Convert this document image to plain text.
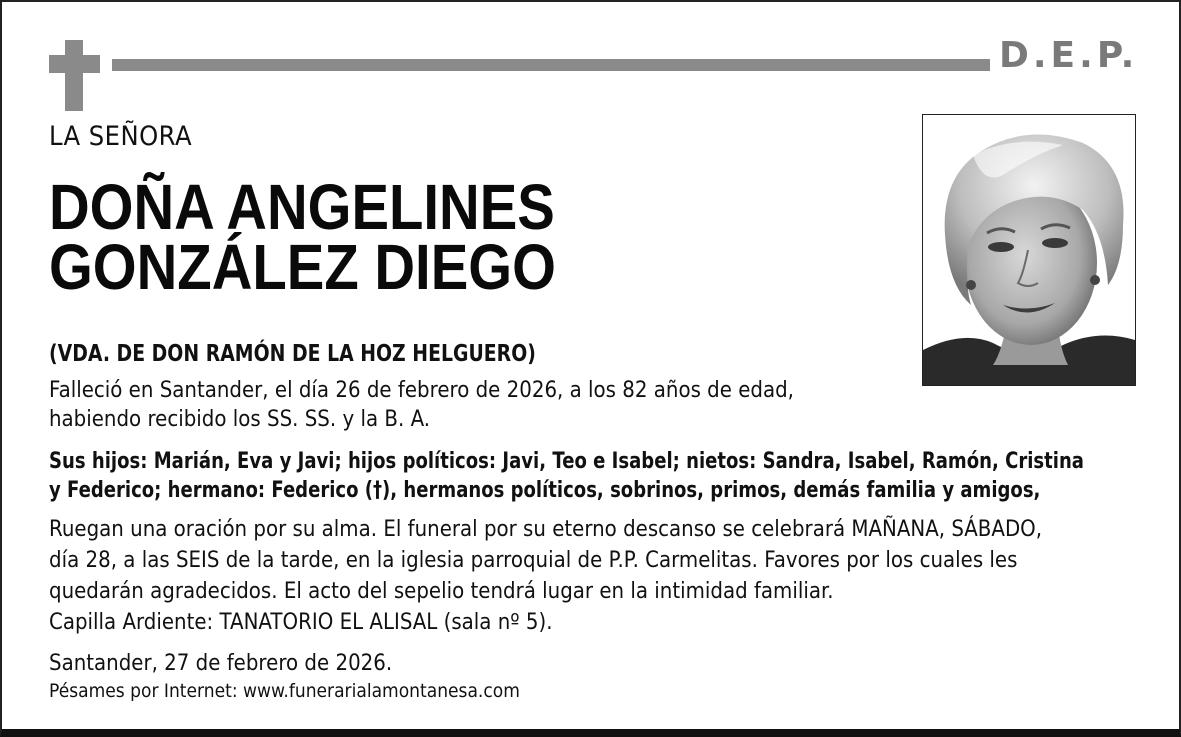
D.E.P.
LA SEÑORA
DOÑA ANGELINES
GONZÁLEZ DIEGO
(VDA. DE DON RAMÓN DE LA HOZ HELGUERO)
Falleció en Santander, el día 26 de febrero de 2026, a los 82 años de edad,
habiendo recibido los SS. SS. y la B. A.
Sus hijos: Marián, Eva y Javi; hijos políticos: Javi, Teo e Isabel; nietos: Sandra, Isabel, Ramón, Cristina
y Federico; hermano: Federico (†), hermanos políticos, sobrinos, primos, demás familia y amigos,
Ruegan una oración por su alma. El funeral por su eterno descanso se celebrará MAÑANA, SÁBADO,
día 28, a las SEIS de la tarde, en la iglesia parroquial de P.P. Carmelitas. Favores por los cuales les
quedarán agradecidos. El acto del sepelio tendrá lugar en la intimidad familiar.
Capilla Ardiente: TANATORIO EL ALISAL (sala nº 5).
Santander, 27 de febrero de 2026.
Pésames por Internet: www.funerarialamontanesa.com
